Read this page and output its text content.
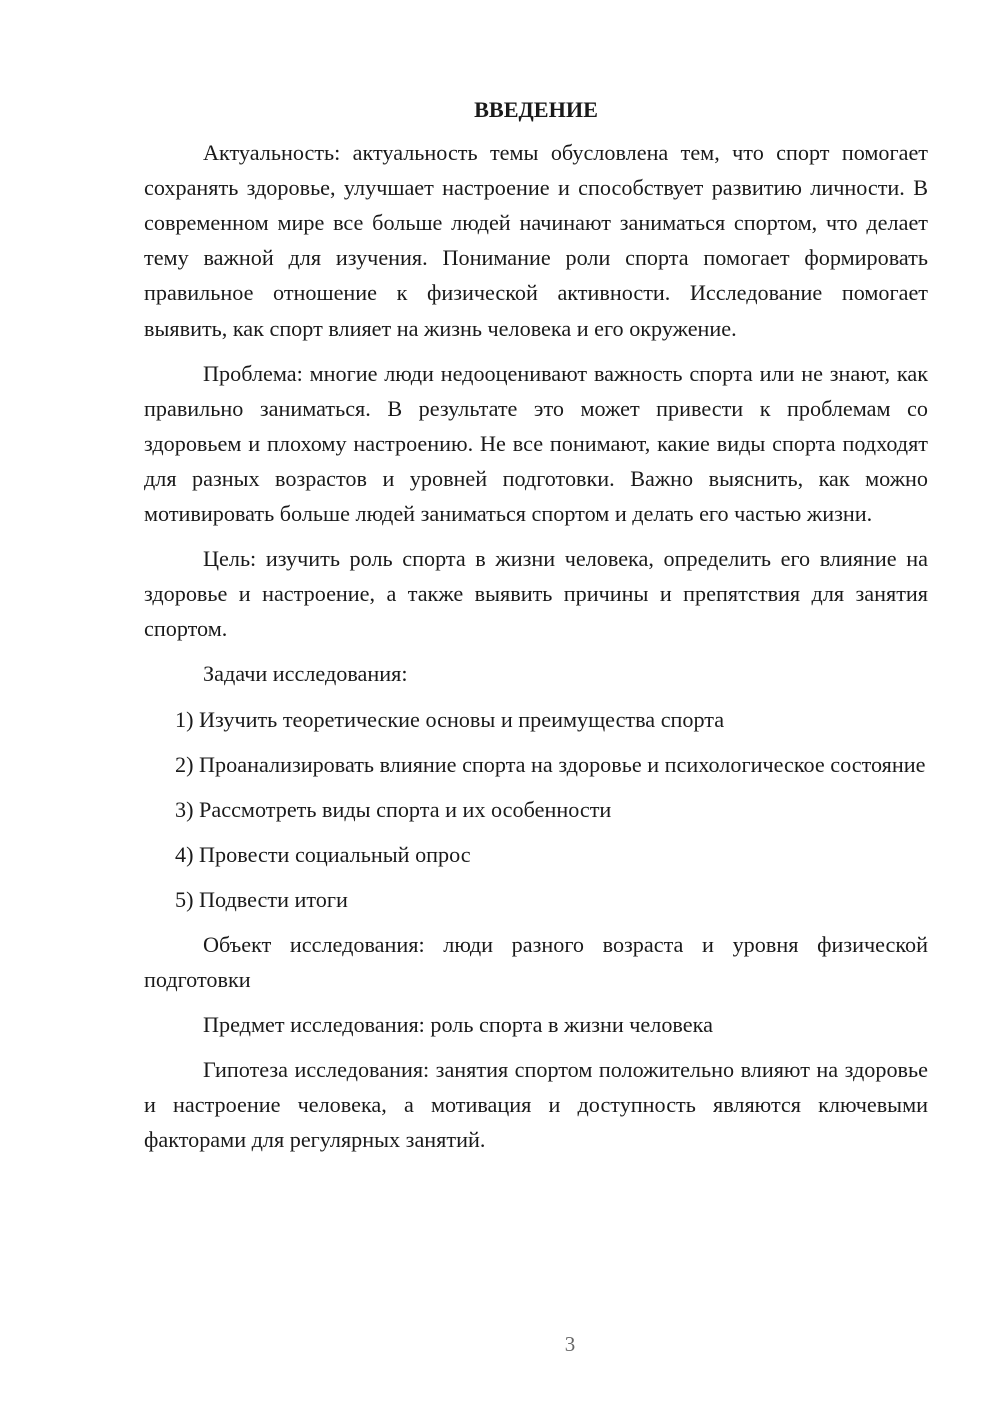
ВВЕДЕНИЕ

Актуальность: актуальность темы обусловлена тем, что спорт помогает сохранять здоровье, улучшает настроение и способствует развитию личности. В современном мире все больше людей начинают заниматься спортом, что делает тему важной для изучения. Понимание роли спорта помогает формировать правильное отношение к физической активности. Исследование помогает выявить, как спорт влияет на жизнь человека и его окружение.

Проблема: многие люди недооценивают важность спорта или не знают, как правильно заниматься. В результате это может привести к проблемам со здоровьем и плохому настроению. Не все понимают, какие виды спорта подходят для разных возрастов и уровней подготовки. Важно выяснить, как можно мотивировать больше людей заниматься спортом и делать его частью жизни.

Цель: изучить роль спорта в жизни человека, определить его влияние на здоровье и настроение, а также выявить причины и препятствия для занятия спортом.

Задачи исследования:

1) Изучить теоретические основы и преимущества спорта

2) Проанализировать влияние спорта на здоровье и психологическое состояние

3) Рассмотреть виды спорта и их особенности

4) Провести социальный опрос

5) Подвести итоги

Объект исследования: люди разного возраста и уровня физической подготовки

Предмет исследования: роль спорта в жизни человека

Гипотеза исследования: занятия спортом положительно влияют на здоровье и настроение человека, а мотивация и доступность являются ключевыми факторами для регулярных занятий.

3
